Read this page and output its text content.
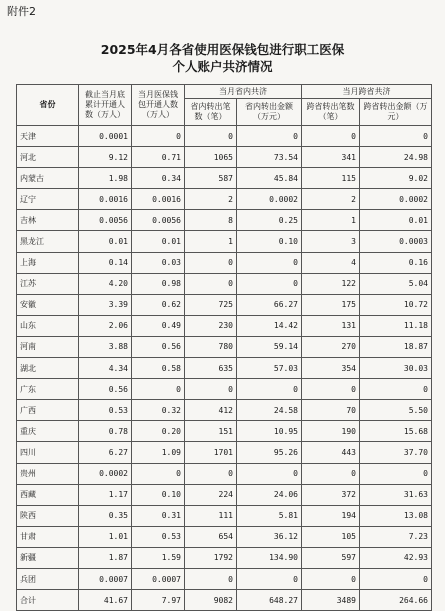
附件2
2025年4月各省使用医保钱包进行职工医保
个人账户共济情况
省份	截止当月底累计开通人数（万人）	当月医保钱包开通人数（万人）	当月省内共济		当月跨省共济	
			省内转出笔数（笔）	省内转出金额（万元）	跨省转出笔数（笔）	跨省转出金额（万元）
天津	0.0001	0	0	0	0	0
河北	9.12	0.71	1065	73.54	341	24.98
内蒙古	1.98	0.34	587	45.84	115	9.02
辽宁	0.0016	0.0016	2	0.0002	2	0.0002
吉林	0.0056	0.0056	8	0.25	1	0.01
黑龙江	0.01	0.01	1	0.10	3	0.0003
上海	0.14	0.03	0	0	4	0.16
江苏	4.20	0.98	0	0	122	5.04
安徽	3.39	0.62	725	66.27	175	10.72
山东	2.06	0.49	230	14.42	131	11.18
河南	3.88	0.56	780	59.14	270	18.87
湖北	4.34	0.58	635	57.03	354	30.03
广东	0.56	0	0	0	0	0
广西	0.53	0.32	412	24.58	70	5.50
重庆	0.78	0.20	151	10.95	190	15.68
四川	6.27	1.09	1701	95.26	443	37.70
贵州	0.0002	0	0	0	0	0
西藏	1.17	0.10	224	24.06	372	31.63
陕西	0.35	0.31	111	5.81	194	13.08
甘肃	1.01	0.53	654	36.12	105	7.23
新疆	1.87	1.59	1792	134.90	597	42.93
兵团	0.0007	0.0007	0	0	0	0
合计	41.67	7.97	9082	648.27	3489	264.66
